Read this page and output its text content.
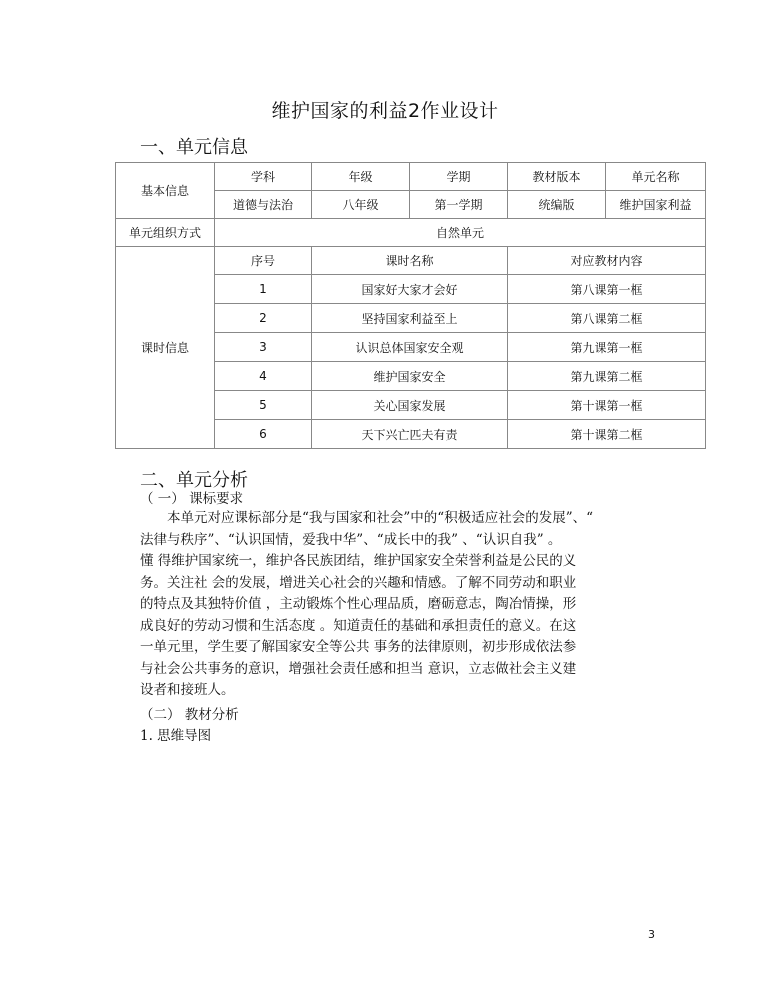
维护国家的利益2作业设计
一、单元信息
基本信息	学科	年级	学期	教材版本	单元名称
	道德与法治	八年级	第一学期	统编版	维护国家利益
单元组织方式	自然单元				
课时信息	序号	课时名称		对应教材内容	
	1	国家好大家才会好		第八课第一框	
	2	坚持国家利益至上		第八课第二框	
	3	认识总体国家安全观		第九课第一框	
	4	维护国家安全		第九课第二框	
	5	关心国家发展		第十课第一框	
	6	天下兴亡匹夫有责		第十课第二框	
二、单元分析
（ 一） 课标要求

本单元对应课标部分是“我与国家和社会”中的“积极适应社会的发展”、“

法律与秩序”、“认识国情，爱我中华”、“成长中的我” 、“认识自我” 。

懂 得维护国家统一，维护各民族团结，维护国家安全荣誉利益是公民的义

务。关注社 会的发展，增进关心社会的兴趣和情感。了解不同劳动和职业

的特点及其独特价值 ，主动锻炼个性心理品质，磨砺意志，陶冶情操，形

成良好的劳动习惯和生活态度 。知道责任的基础和承担责任的意义。在这

一单元里，学生要了解国家安全等公共 事务的法律原则，初步形成依法参

与社会公共事务的意识，增强社会责任感和担当 意识，立志做社会主义建

设者和接班人。

（二） 教材分析
1. 思维导图
3
